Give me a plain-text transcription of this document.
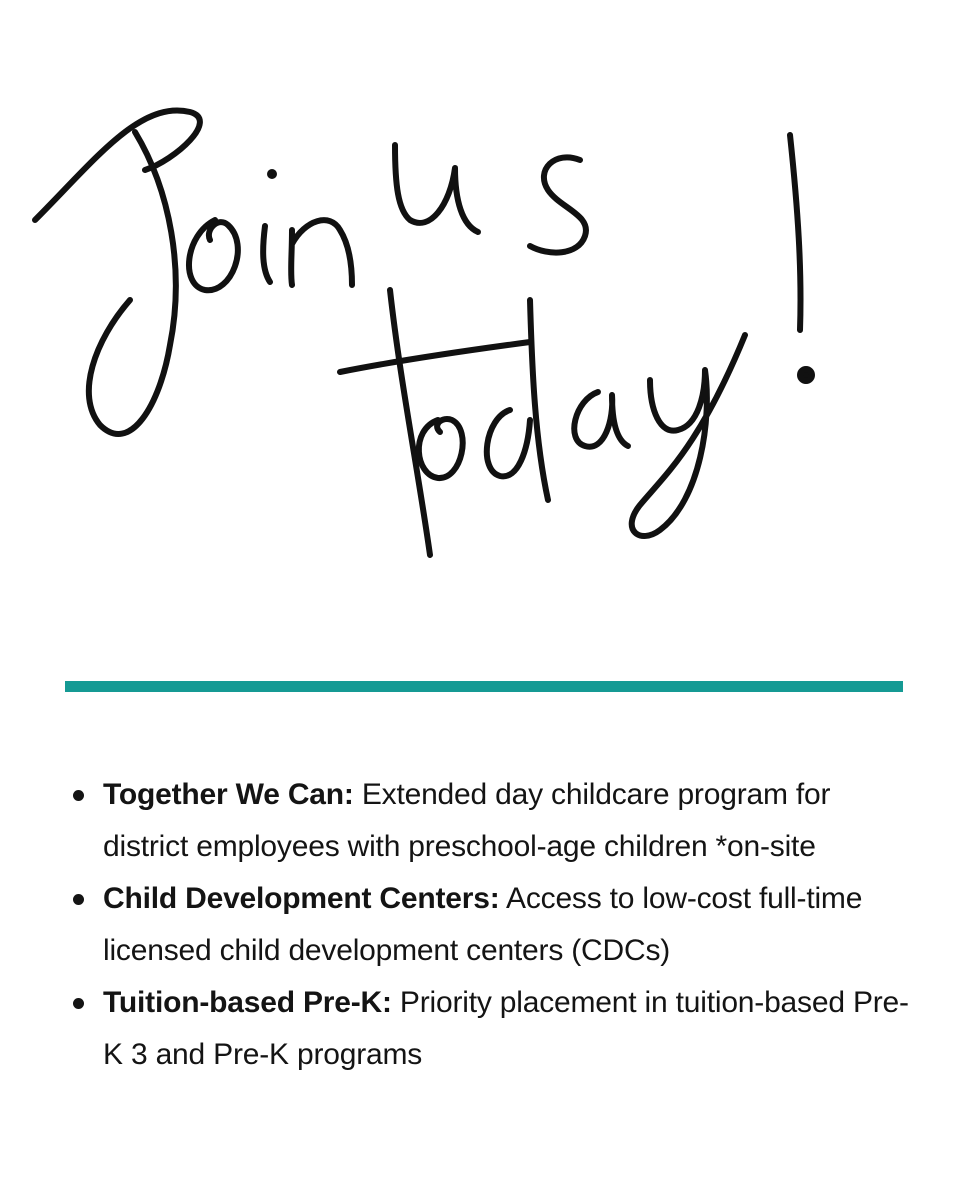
Together We Can: Extended day childcare program for district employees with preschool-age children *on-site
Child Development Centers: Access to low-cost full-time licensed child development centers (CDCs)
Tuition-based Pre-K: Priority placement in tuition-based Pre-K 3 and Pre-K programs
